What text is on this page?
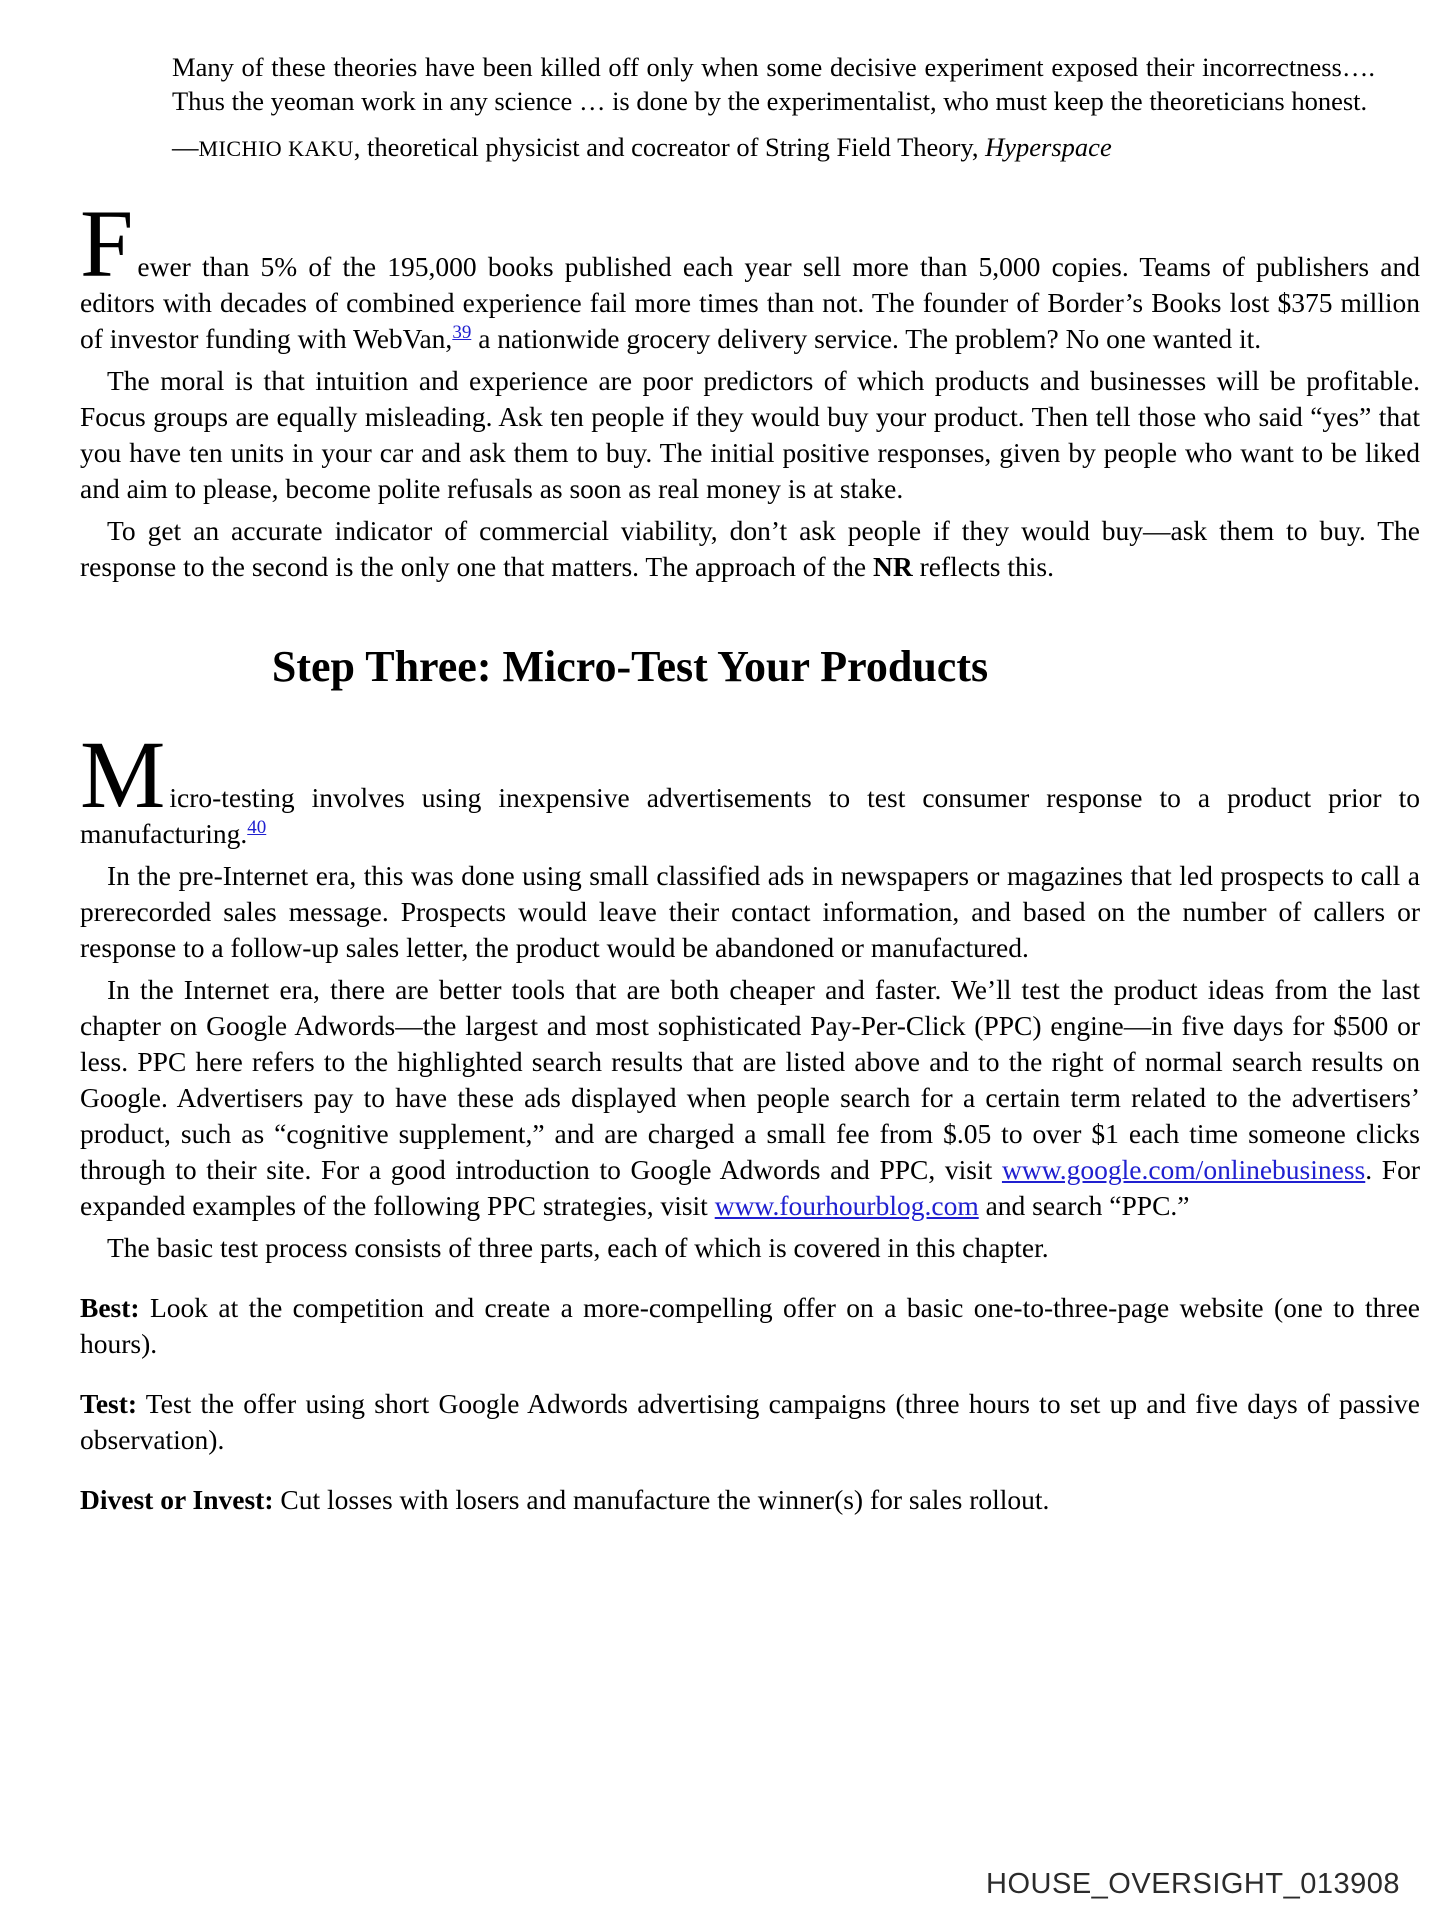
Many of these theories have been killed off only when some decisive experiment exposed their incorrectness…. Thus the yeoman work in any science … is done by the experimentalist, who must keep the theoreticians honest.

—MICHIO KAKU, theoretical physicist and cocreator of String Field Theory, Hyperspace

Fewer than 5% of the 195,000 books published each year sell more than 5,000 copies. Teams of publishers and editors with decades of combined experience fail more times than not. The founder of Border’s Books lost $375 million of investor funding with WebVan,$^{39}$ a nationwide grocery delivery service. The problem? No one wanted it.

The moral is that intuition and experience are poor predictors of which products and businesses will be profitable. Focus groups are equally misleading. Ask ten people if they would buy your product. Then tell those who said “yes” that you have ten units in your car and ask them to buy. The initial positive responses, given by people who want to be liked and aim to please, become polite refusals as soon as real money is at stake.

To get an accurate indicator of commercial viability, don’t ask people if they would buy—ask them to buy. The response to the second is the only one that matters. The approach of the NR reflects this.

Step Three: Micro-Test Your Products

Micro-testing involves using inexpensive advertisements to test consumer response to a product prior to manufacturing.$^{40}$

In the pre-Internet era, this was done using small classified ads in newspapers or magazines that led prospects to call a prerecorded sales message. Prospects would leave their contact information, and based on the number of callers or response to a follow-up sales letter, the product would be abandoned or manufactured.

In the Internet era, there are better tools that are both cheaper and faster. We’ll test the product ideas from the last chapter on Google Adwords—the largest and most sophisticated Pay-Per-Click (PPC) engine—in five days for $500 or less. PPC here refers to the highlighted search results that are listed above and to the right of normal search results on Google. Advertisers pay to have these ads displayed when people search for a certain term related to the advertisers’ product, such as “cognitive supplement,” and are charged a small fee from $.05 to over $1 each time someone clicks through to their site. For a good introduction to Google Adwords and PPC, visit www.google.com/onlinebusiness. For expanded examples of the following PPC strategies, visit www.fourhourblog.com and search “PPC.”

The basic test process consists of three parts, each of which is covered in this chapter.

Best: Look at the competition and create a more-compelling offer on a basic one-to-three-page website (one to three hours).

Test: Test the offer using short Google Adwords advertising campaigns (three hours to set up and five days of passive observation).

Divest or Invest: Cut losses with losers and manufacture the winner(s) for sales rollout.

HOUSE_OVERSIGHT_013908
